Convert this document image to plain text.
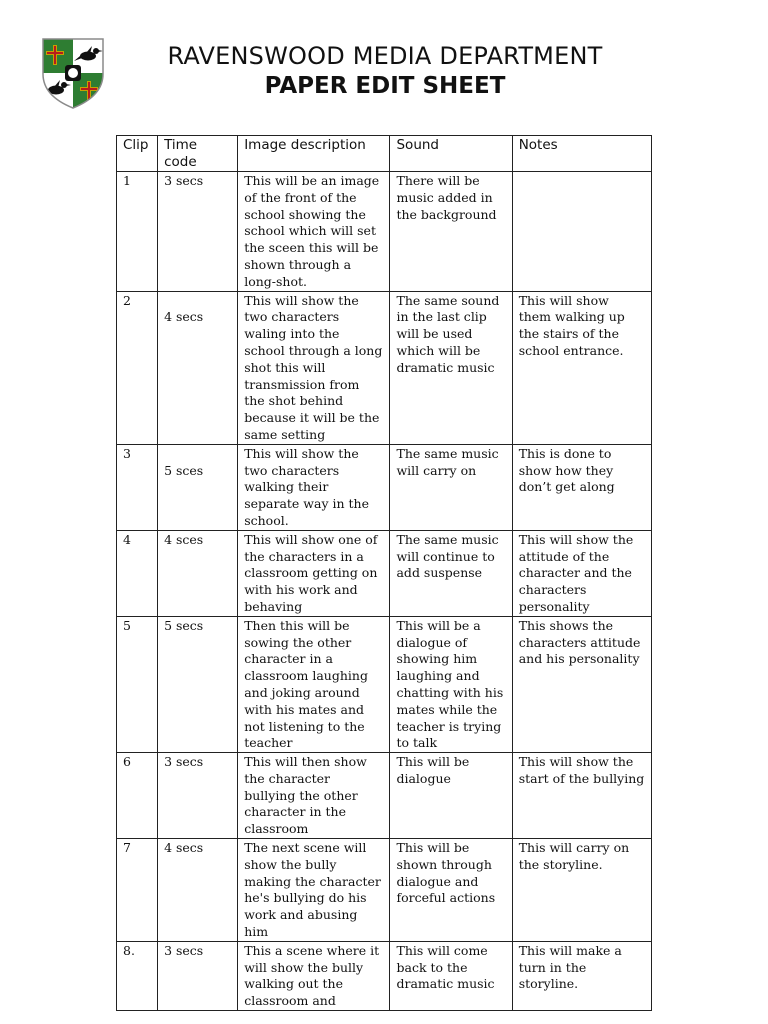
RAVENSWOOD MEDIA DEPARTMENT
PAPER EDIT SHEET
Clip	Time code	Image description	Sound	Notes
1	3 secs	This will be an image of the front of the school showing the school which will set the sceen this will be shown through a long-shot.	There will be music added in the background	
2	4 secs	This will show the two characters waling into the school through a long shot this will transmission from the shot behind because it will be the same setting	The same sound in the last clip will be used which will be dramatic music	This will show them walking up the stairs of the school entrance.
3	5 sces	This will show the two characters walking their separate way in the school.	The same music will carry on	This is done to show how they don’t get along
4	4 sces	This will show one of the characters in a classroom getting on with his work and behaving	The same music will continue to add suspense	This will show the attitude of the character and the characters personality
5	5 secs	Then this will be sowing the other character in a classroom laughing and joking around with his mates and not listening to the teacher	This will be a dialogue of showing him laughing and chatting with his mates while the teacher is trying to talk	This shows the characters attitude and his personality
6	3 secs	This will then show the character bullying the other character in the classroom	This will be dialogue	This will show the start of the bullying
7	4 secs	The next scene will show the bully making the character he's bullying do his work and abusing him	This will be shown through dialogue and forceful actions	This will carry on the storyline.
8.	3 secs	This a scene where it will show the bully walking out the classroom and	This will come back to the dramatic music	This will make a turn in the storyline.
